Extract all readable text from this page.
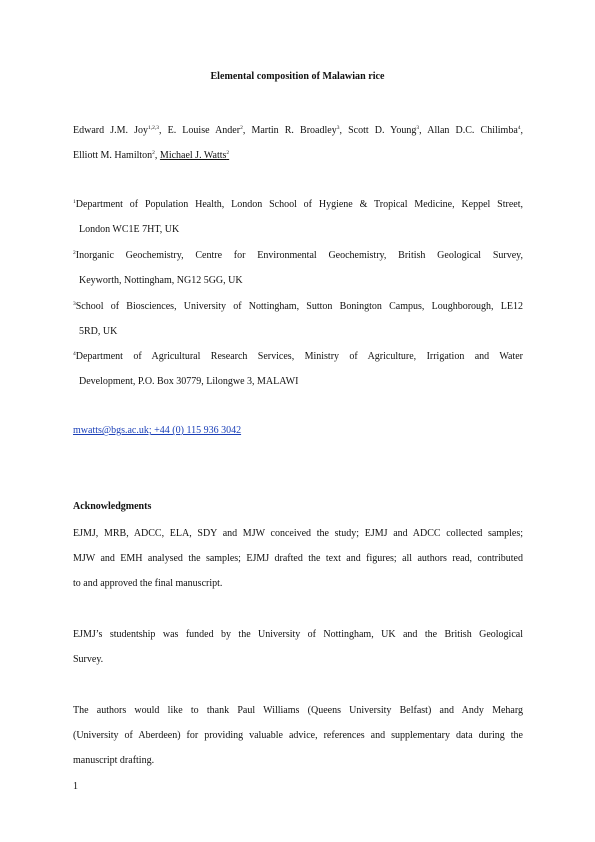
Elemental composition of Malawian rice
Edward J.M. Joy$^{1,2,3}$, E. Louise Ander$^2$, Martin R. Broadley$^3$, Scott D. Young$^3$, Allan D.C. Chilimba$^4$,
Elliott M. Hamilton$^2$, Michael J. Watts$^2$
$^1$Department of Population Health, London School of Hygiene & Tropical Medicine, Keppel Street,
London WC1E 7HT, UK
$^2$Inorganic Geochemistry, Centre for Environmental Geochemistry, British Geological Survey,
Keyworth, Nottingham, NG12 5GG, UK
$^3$School of Biosciences, University of Nottingham, Sutton Bonington Campus, Loughborough, LE12
5RD, UK
$^4$Department of Agricultural Research Services, Ministry of Agriculture, Irrigation and Water
Development, P.O. Box 30779, Lilongwe 3, MALAWI
mwatts@bgs.ac.uk; +44 (0) 115 936 3042
Acknowledgments
EJMJ, MRB, ADCC, ELA, SDY and MJW conceived the study; EJMJ and ADCC collected samples;
MJW and EMH analysed the samples; EJMJ drafted the text and figures; all authors read, contributed
to and approved the final manuscript.
EJMJ’s studentship was funded by the University of Nottingham, UK and the British Geological
Survey.
The authors would like to thank Paul Williams (Queens University Belfast) and Andy Meharg
(University of Aberdeen) for providing valuable advice, references and supplementary data during the
manuscript drafting.
1
